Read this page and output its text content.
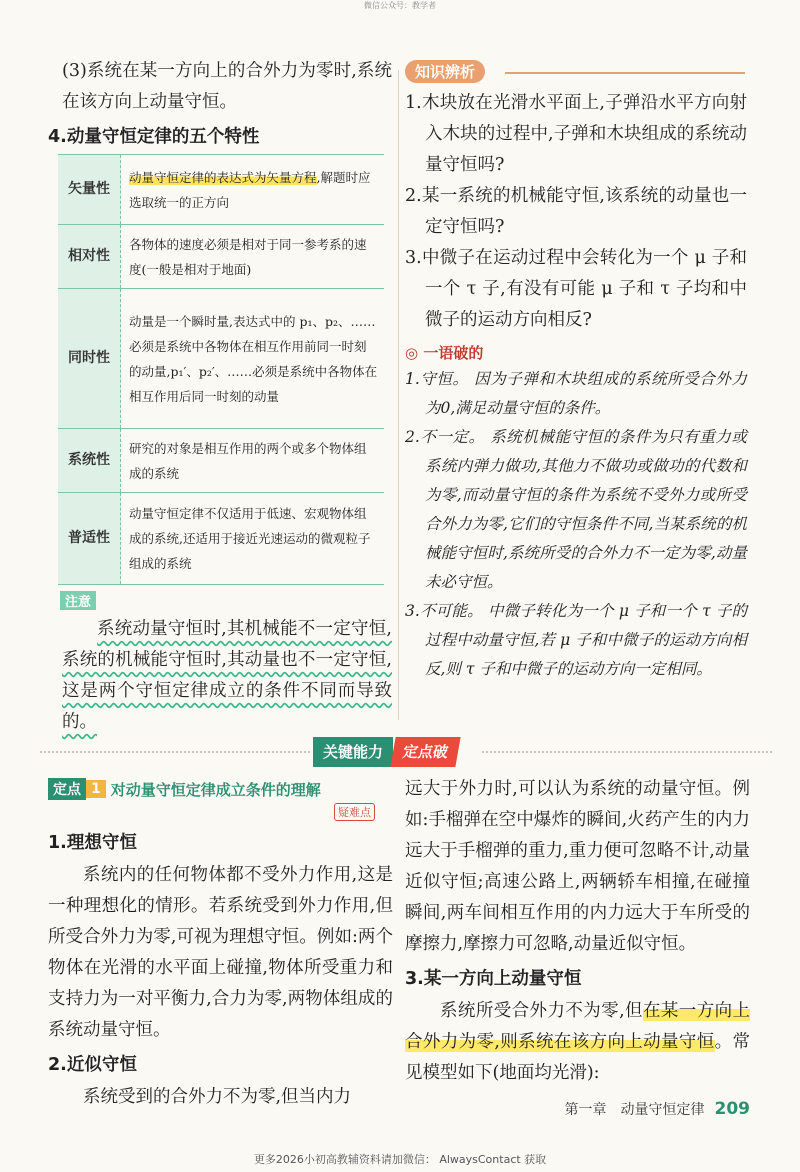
微信公众号：教学者

(3)系统在某一方向上的合外力为零时,系统在该方向上动量守恒。

4.动量守恒定律的五个特性
矢量性	动量守恒定律的表达式为矢量方程,解题时应选取统一的正方向
相对性	各物体的速度必须是相对于同一参考系的速度(一般是相对于地面)
同时性	动量是一个瞬时量,表达式中的 p₁、p₂、……必须是系统中各物体在相互作用前同一时刻的动量,p₁′、p₂′、……必须是系统中各物体在相互作用后同一时刻的动量
系统性	研究的对象是相互作用的两个或多个物体组成的系统
普适性	动量守恒定律不仅适用于低速、宏观物体组成的系统,还适用于接近光速运动的微观粒子组成的系统
注意

系统动量守恒时,其机械能不一定守恒,系统的机械能守恒时,其动量也不一定守恒,这是两个守恒定律成立的条件不同而导致的。

知识辨析

1.木块放在光滑水平面上,子弹沿水平方向射入木块的过程中,子弹和木块组成的系统动量守恒吗?

2.某一系统的机械能守恒,该系统的动量也一定守恒吗?

3.中微子在运动过程中会转化为一个 μ 子和一个 τ 子,有没有可能 μ 子和 τ 子均和中微子的运动方向相反?

◎ 一语破的

1.守恒。 因为子弹和木块组成的系统所受合外力为0,满足动量守恒的条件。

2.不一定。 系统机械能守恒的条件为只有重力或系统内弹力做功,其他力不做功或做功的代数和为零,而动量守恒的条件为系统不受外力或所受合外力为零,它们的守恒条件不同,当某系统的机械能守恒时,系统所受的合外力不一定为零,动量未必守恒。

3.不可能。 中微子转化为一个 μ 子和一个 τ 子的过程中动量守恒,若 μ 子和中微子的运动方向相反,则 τ 子和中微子的运动方向一定相同。

关键能力	定点破
定点 1 对动量守恒定律成立条件的理解
疑难点
1.理想守恒

系统内的任何物体都不受外力作用,这是一种理想化的情形。若系统受到外力作用,但所受合外力为零,可视为理想守恒。例如:两个物体在光滑的水平面上碰撞,物体所受重力和支持力为一对平衡力,合力为零,两物体组成的系统动量守恒。

2.近似守恒

系统受到的合外力不为零,但当内力

远大于外力时,可以认为系统的动量守恒。例如:手榴弹在空中爆炸的瞬间,火药产生的内力远大于手榴弹的重力,重力便可忽略不计,动量近似守恒;高速公路上,两辆轿车相撞,在碰撞瞬间,两车间相互作用的内力远大于车所受的摩擦力,摩擦力可忽略,动量近似守恒。

3.某一方向上动量守恒

系统所受合外力不为零,但在某一方向上合外力为零,则系统在该方向上动量守恒。常见模型如下(地面均光滑):

第一章　动量守恒定律 209
更多2026小初高教辅资料请加微信： AlwaysContact 获取
